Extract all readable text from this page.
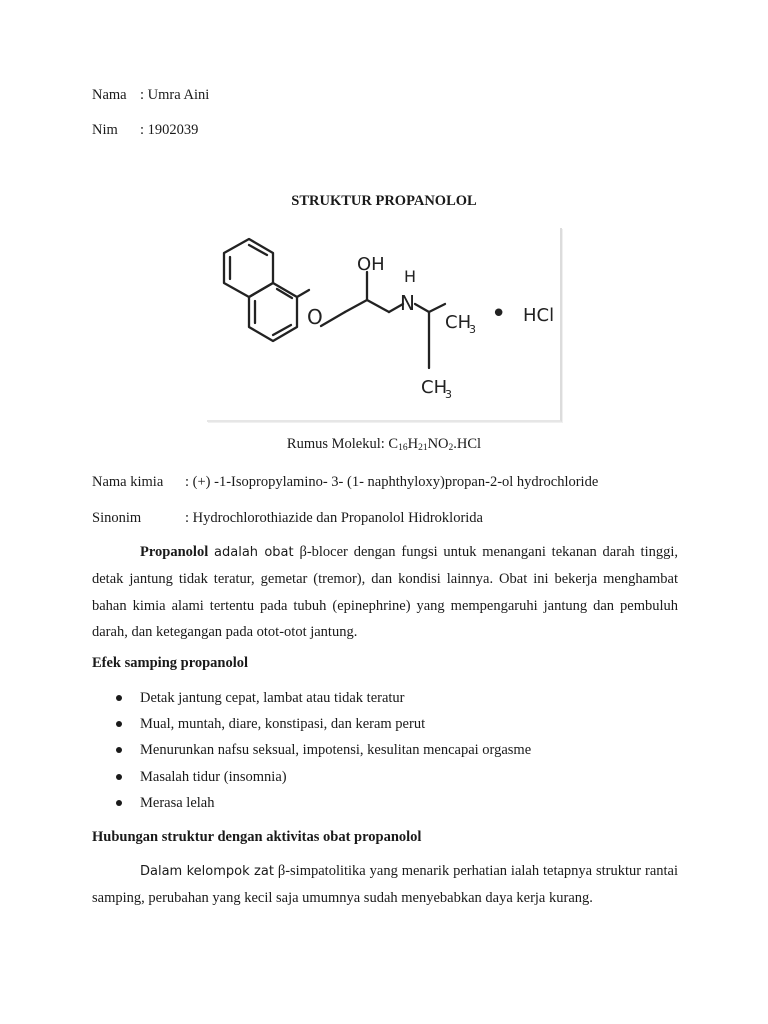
Nama : Umra Aini
Nim : 1902039
STRUKTUR PROPANOLOL
O
OH
H
N
CH
3
CH
3
• HCl
Rumus Molekul: $C_{16}H_{21}NO_2.HCl$
Nama kimia : (+) -1-Isopropylamino- 3- (1- naphthyloxy)propan-2-ol hydrochloride
Sinonim	: Hydrochlorothiazide dan Propanolol Hidroklorida
Propanolol adalah obat β-blocer dengan fungsi untuk menangani tekanan darah tinggi, detak jantung tidak teratur, gemetar (tremor), dan kondisi lainnya. Obat ini bekerja menghambat bahan kimia alami tertentu pada tubuh (epinephrine) yang mempengaruhi jantung dan pembuluh darah, dan ketegangan pada otot-otot jantung.
Efek samping propanolol
Detak jantung cepat, lambat atau tidak teratur
Mual, muntah, diare, konstipasi, dan keram perut
Menurunkan nafsu seksual, impotensi, kesulitan mencapai orgasme
Masalah tidur (insomnia)
Merasa lelah
Hubungan struktur dengan aktivitas obat propanolol
Dalam kelompok zat β-simpatolitika yang menarik perhatian ialah tetapnya struktur rantai samping, perubahan yang kecil saja umumnya sudah menyebabkan daya kerja kurang.
